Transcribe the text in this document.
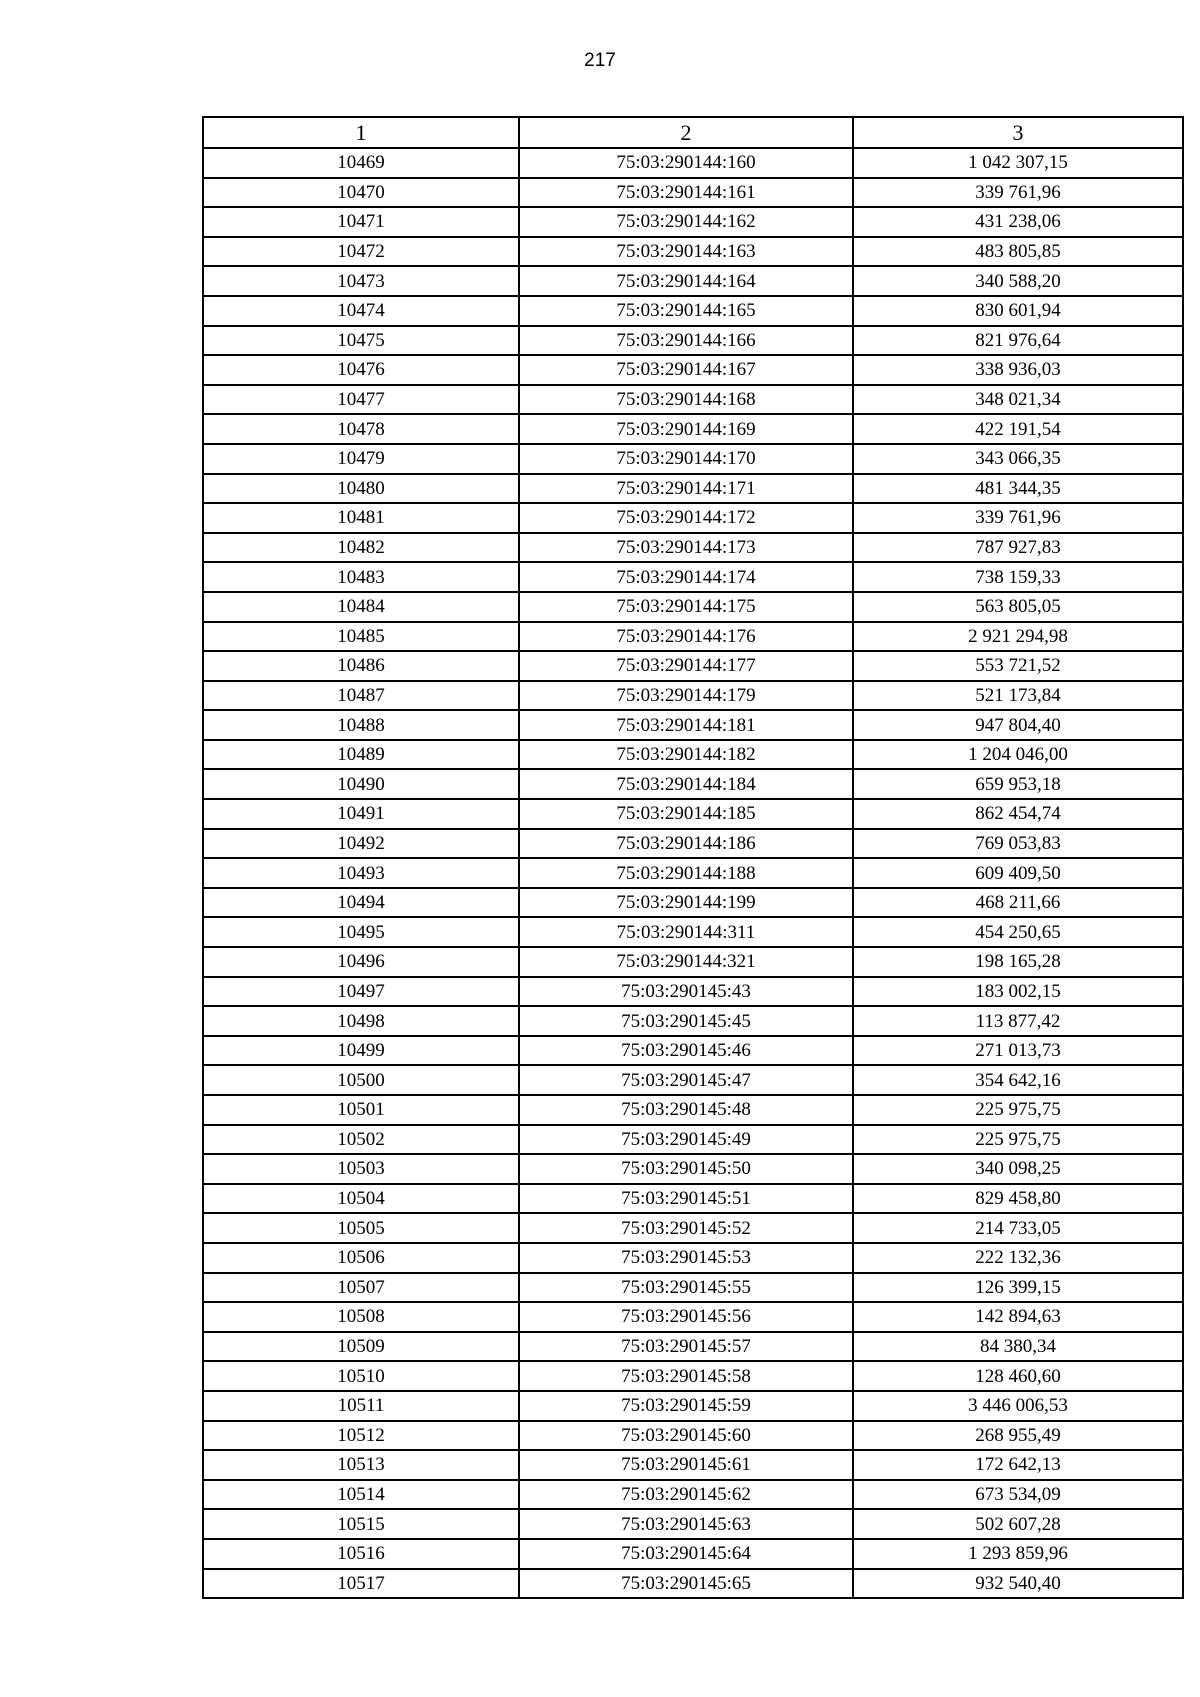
217
1	2	3
10469	75:03:290144:160	1 042 307,15
10470	75:03:290144:161	339 761,96
10471	75:03:290144:162	431 238,06
10472	75:03:290144:163	483 805,85
10473	75:03:290144:164	340 588,20
10474	75:03:290144:165	830 601,94
10475	75:03:290144:166	821 976,64
10476	75:03:290144:167	338 936,03
10477	75:03:290144:168	348 021,34
10478	75:03:290144:169	422 191,54
10479	75:03:290144:170	343 066,35
10480	75:03:290144:171	481 344,35
10481	75:03:290144:172	339 761,96
10482	75:03:290144:173	787 927,83
10483	75:03:290144:174	738 159,33
10484	75:03:290144:175	563 805,05
10485	75:03:290144:176	2 921 294,98
10486	75:03:290144:177	553 721,52
10487	75:03:290144:179	521 173,84
10488	75:03:290144:181	947 804,40
10489	75:03:290144:182	1 204 046,00
10490	75:03:290144:184	659 953,18
10491	75:03:290144:185	862 454,74
10492	75:03:290144:186	769 053,83
10493	75:03:290144:188	609 409,50
10494	75:03:290144:199	468 211,66
10495	75:03:290144:311	454 250,65
10496	75:03:290144:321	198 165,28
10497	75:03:290145:43	183 002,15
10498	75:03:290145:45	113 877,42
10499	75:03:290145:46	271 013,73
10500	75:03:290145:47	354 642,16
10501	75:03:290145:48	225 975,75
10502	75:03:290145:49	225 975,75
10503	75:03:290145:50	340 098,25
10504	75:03:290145:51	829 458,80
10505	75:03:290145:52	214 733,05
10506	75:03:290145:53	222 132,36
10507	75:03:290145:55	126 399,15
10508	75:03:290145:56	142 894,63
10509	75:03:290145:57	84 380,34
10510	75:03:290145:58	128 460,60
10511	75:03:290145:59	3 446 006,53
10512	75:03:290145:60	268 955,49
10513	75:03:290145:61	172 642,13
10514	75:03:290145:62	673 534,09
10515	75:03:290145:63	502 607,28
10516	75:03:290145:64	1 293 859,96
10517	75:03:290145:65	932 540,40
